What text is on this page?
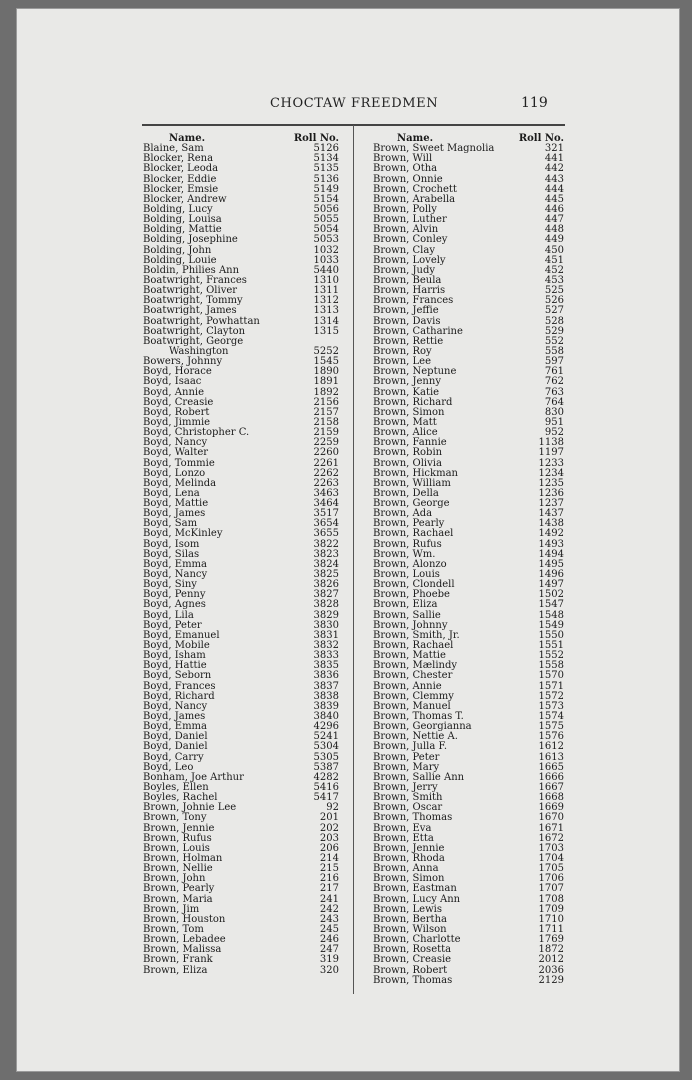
CHOCTAW FREEDMEN	119
Name.	Roll No.
Blaine, Sam	5126
Blocker, Rena	5134
Blocker, Leoda	5135
Blocker, Eddie	5136
Blocker, Emsie	5149
Blocker, Andrew	5154
Bolding, Lucy	5056
Bolding, Louisa	5055
Bolding, Mattie	5054
Bolding, Josephine	5053
Bolding, John	1032
Bolding, Louie	1033
Boldin, Philies Ann	5440
Boatwright, Frances	1310
Boatwright, Oliver	1311
Boatwright, Tommy	1312
Boatwright, James	1313
Boatwright, Powhattan	1314
Boatwright, Clayton	1315
Boatwright, George
Washington	5252
Bowers, Johnny	1545
Boyd, Horace	1890
Boyd, Isaac	1891
Boyd, Annie	1892
Boyd, Creasie	2156
Boyd, Robert	2157
Boyd, Jimmie	2158
Boyd, Christopher C.	2159
Boyd, Nancy	2259
Boyd, Walter	2260
Boyd, Tommie	2261
Boyd, Lonzo	2262
Boyd, Melinda	2263
Boyd, Lena	3463
Boyd, Mattie	3464
Boyd, James	3517
Boyd, Sam	3654
Boyd, McKinley	3655
Boyd, Isom	3822
Boyd, Silas	3823
Boyd, Emma	3824
Boyd, Nancy	3825
Boyd, Siny	3826
Boyd, Penny	3827
Boyd, Agnes	3828
Boyd, Lila	3829
Boyd, Peter	3830
Boyd, Emanuel	3831
Boyd, Mobile	3832
Boyd, Isham	3833
Boyd, Hattie	3835
Boyd, Seborn	3836
Boyd, Frances	3837
Boyd, Richard	3838
Boyd, Nancy	3839
Boyd, James	3840
Boyd, Emma	4296
Boyd, Daniel	5241
Boyd, Daniel	5304
Boyd, Carry	5305
Boyd, Leo	5387
Bonham, Joe Arthur	4282
Boyles, Ellen	5416
Boyles, Rachel	5417
Brown, Johnie Lee	92
Brown, Tony	201
Brown, Jennie	202
Brown, Rufus	203
Brown, Louis	206
Brown, Holman	214
Brown, Nellie	215
Brown, John	216
Brown, Pearly	217
Brown, Maria	241
Brown, Jim	242
Brown, Houston	243
Brown, Tom	245
Brown, Lebadee	246
Brown, Malissa	247
Brown, Frank	319
Brown, Eliza	320
Name.	Roll No.
Brown, Sweet Magnolia	321
Brown, Will	441
Brown, Otha	442
Brown, Onnie	443
Brown, Crochett	444
Brown, Arabella	445
Brown, Polly	446
Brown, Luther	447
Brown, Alvin	448
Brown, Conley	449
Brown, Clay	450
Brown, Lovely	451
Brown, Judy	452
Brown, Beula	453
Brown, Harris	525
Brown, Frances	526
Brown, Jeffie	527
Brown, Davis	528
Brown, Catharine	529
Brown, Rettie	552
Brown, Roy	558
Brown, Lee	597
Brown, Neptune	761
Brown, Jenny	762
Brown, Katie	763
Brown, Richard	764
Brown, Simon	830
Brown, Matt	951
Brown, Alice	952
Brown, Fannie	1138
Brown, Robin	1197
Brown, Olivia	1233
Brown, Hickman	1234
Brown, William	1235
Brown, Della	1236
Brown, George	1237
Brown, Ada	1437
Brown, Pearly	1438
Brown, Rachael	1492
Brown, Rufus	1493
Brown, Wm.	1494
Brown, Alonzo	1495
Brown, Louis	1496
Brown, Clondell	1497
Brown, Phoebe	1502
Brown, Eliza	1547
Brown, Sallie	1548
Brown, Johnny	1549
Brown, Smith, Jr.	1550
Brown, Rachael	1551
Brown, Mattie	1552
Brown, Mælindy	1558
Brown, Chester	1570
Brown, Annie	1571
Brown, Clemmy	1572
Brown, Manuel	1573
Brown, Thomas T.	1574
Brown, Georgianna	1575
Brown, Nettie A.	1576
Brown, Julla F.	1612
Brown, Peter	1613
Brown, Mary	1665
Brown, Sallie Ann	1666
Brown, Jerry	1667
Brown, Smith	1668
Brown, Oscar	1669
Brown, Thomas	1670
Brown, Eva	1671
Brown, Etta	1672
Brown, Jennie	1703
Brown, Rhoda	1704
Brown, Anna	1705
Brown, Simon	1706
Brown, Eastman	1707
Brown, Lucy Ann	1708
Brown, Lewis	1709
Brown, Bertha	1710
Brown, Wilson	1711
Brown, Charlotte	1769
Brown, Rosetta	1872
Brown, Creasie	2012
Brown, Robert	2036
Brown, Thomas	2129
